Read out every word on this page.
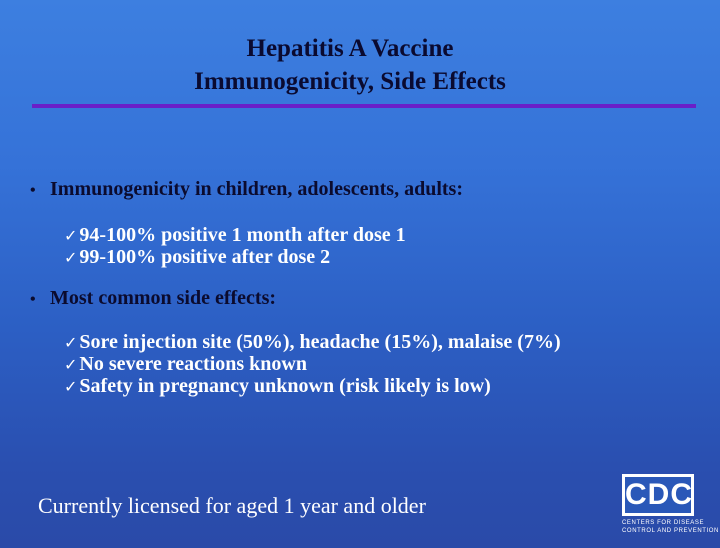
Hepatitis A Vaccine
Immunogenicity, Side Effects
• Immunogenicity in children, adolescents, adults:
✓ 94-100% positive 1 month after dose 1
✓ 99-100% positive after dose 2
• Most common side effects:
✓ Sore injection site (50%), headache (15%), malaise (7%)
✓ No severe reactions known
✓ Safety in pregnancy unknown (risk likely is low)
Currently licensed for aged 1 year and older	CDC
CENTERS FOR DISEASE
CONTROL AND PREVENTION
